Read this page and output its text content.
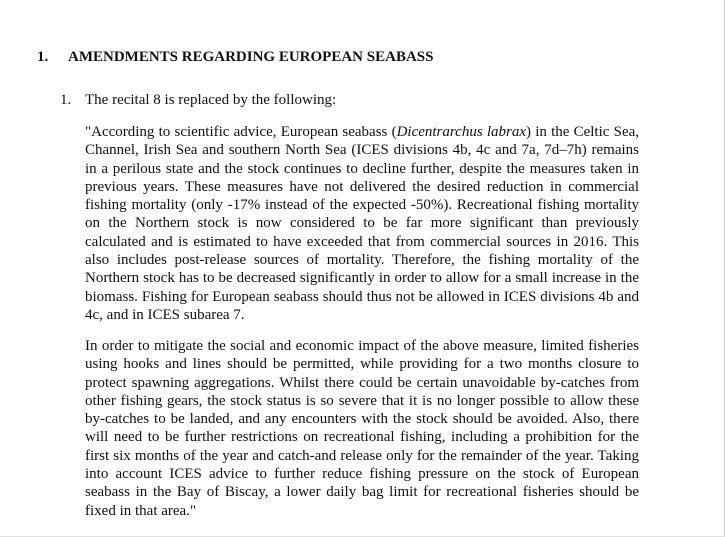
1. AMENDMENTS REGARDING EUROPEAN SEABASS
1. The recital 8 is replaced by the following:

"According to scientific advice, European seabass (Dicentrarchus labrax) in the Celtic Sea, Channel, Irish Sea and southern North Sea (ICES divisions 4b, 4c and 7a, 7d–7h) remains in a perilous state and the stock continues to decline further, despite the measures taken in previous years. These measures have not delivered the desired reduction in commercial fishing mortality (only -17% instead of the expected -50%). Recreational fishing mortality on the Northern stock is now considered to be far more significant than previously calculated and is estimated to have exceeded that from commercial sources in 2016. This also includes post-release sources of mortality. Therefore, the fishing mortality of the Northern stock has to be decreased significantly in order to allow for a small increase in the biomass. Fishing for European seabass should thus not be allowed in ICES divisions 4b and 4c, and in ICES subarea 7.

In order to mitigate the social and economic impact of the above measure, limited fisheries using hooks and lines should be permitted, while providing for a two months closure to protect spawning aggregations. Whilst there could be certain unavoidable by-catches from other fishing gears, the stock status is so severe that it is no longer possible to allow these by-catches to be landed, and any encounters with the stock should be avoided. Also, there will need to be further restrictions on recreational fishing, including a prohibition for the first six months of the year and catch-and release only for the remainder of the year. Taking into account ICES advice to further reduce fishing pressure on the stock of European seabass in the Bay of Biscay, a lower daily bag limit for recreational fisheries should be fixed in that area."
